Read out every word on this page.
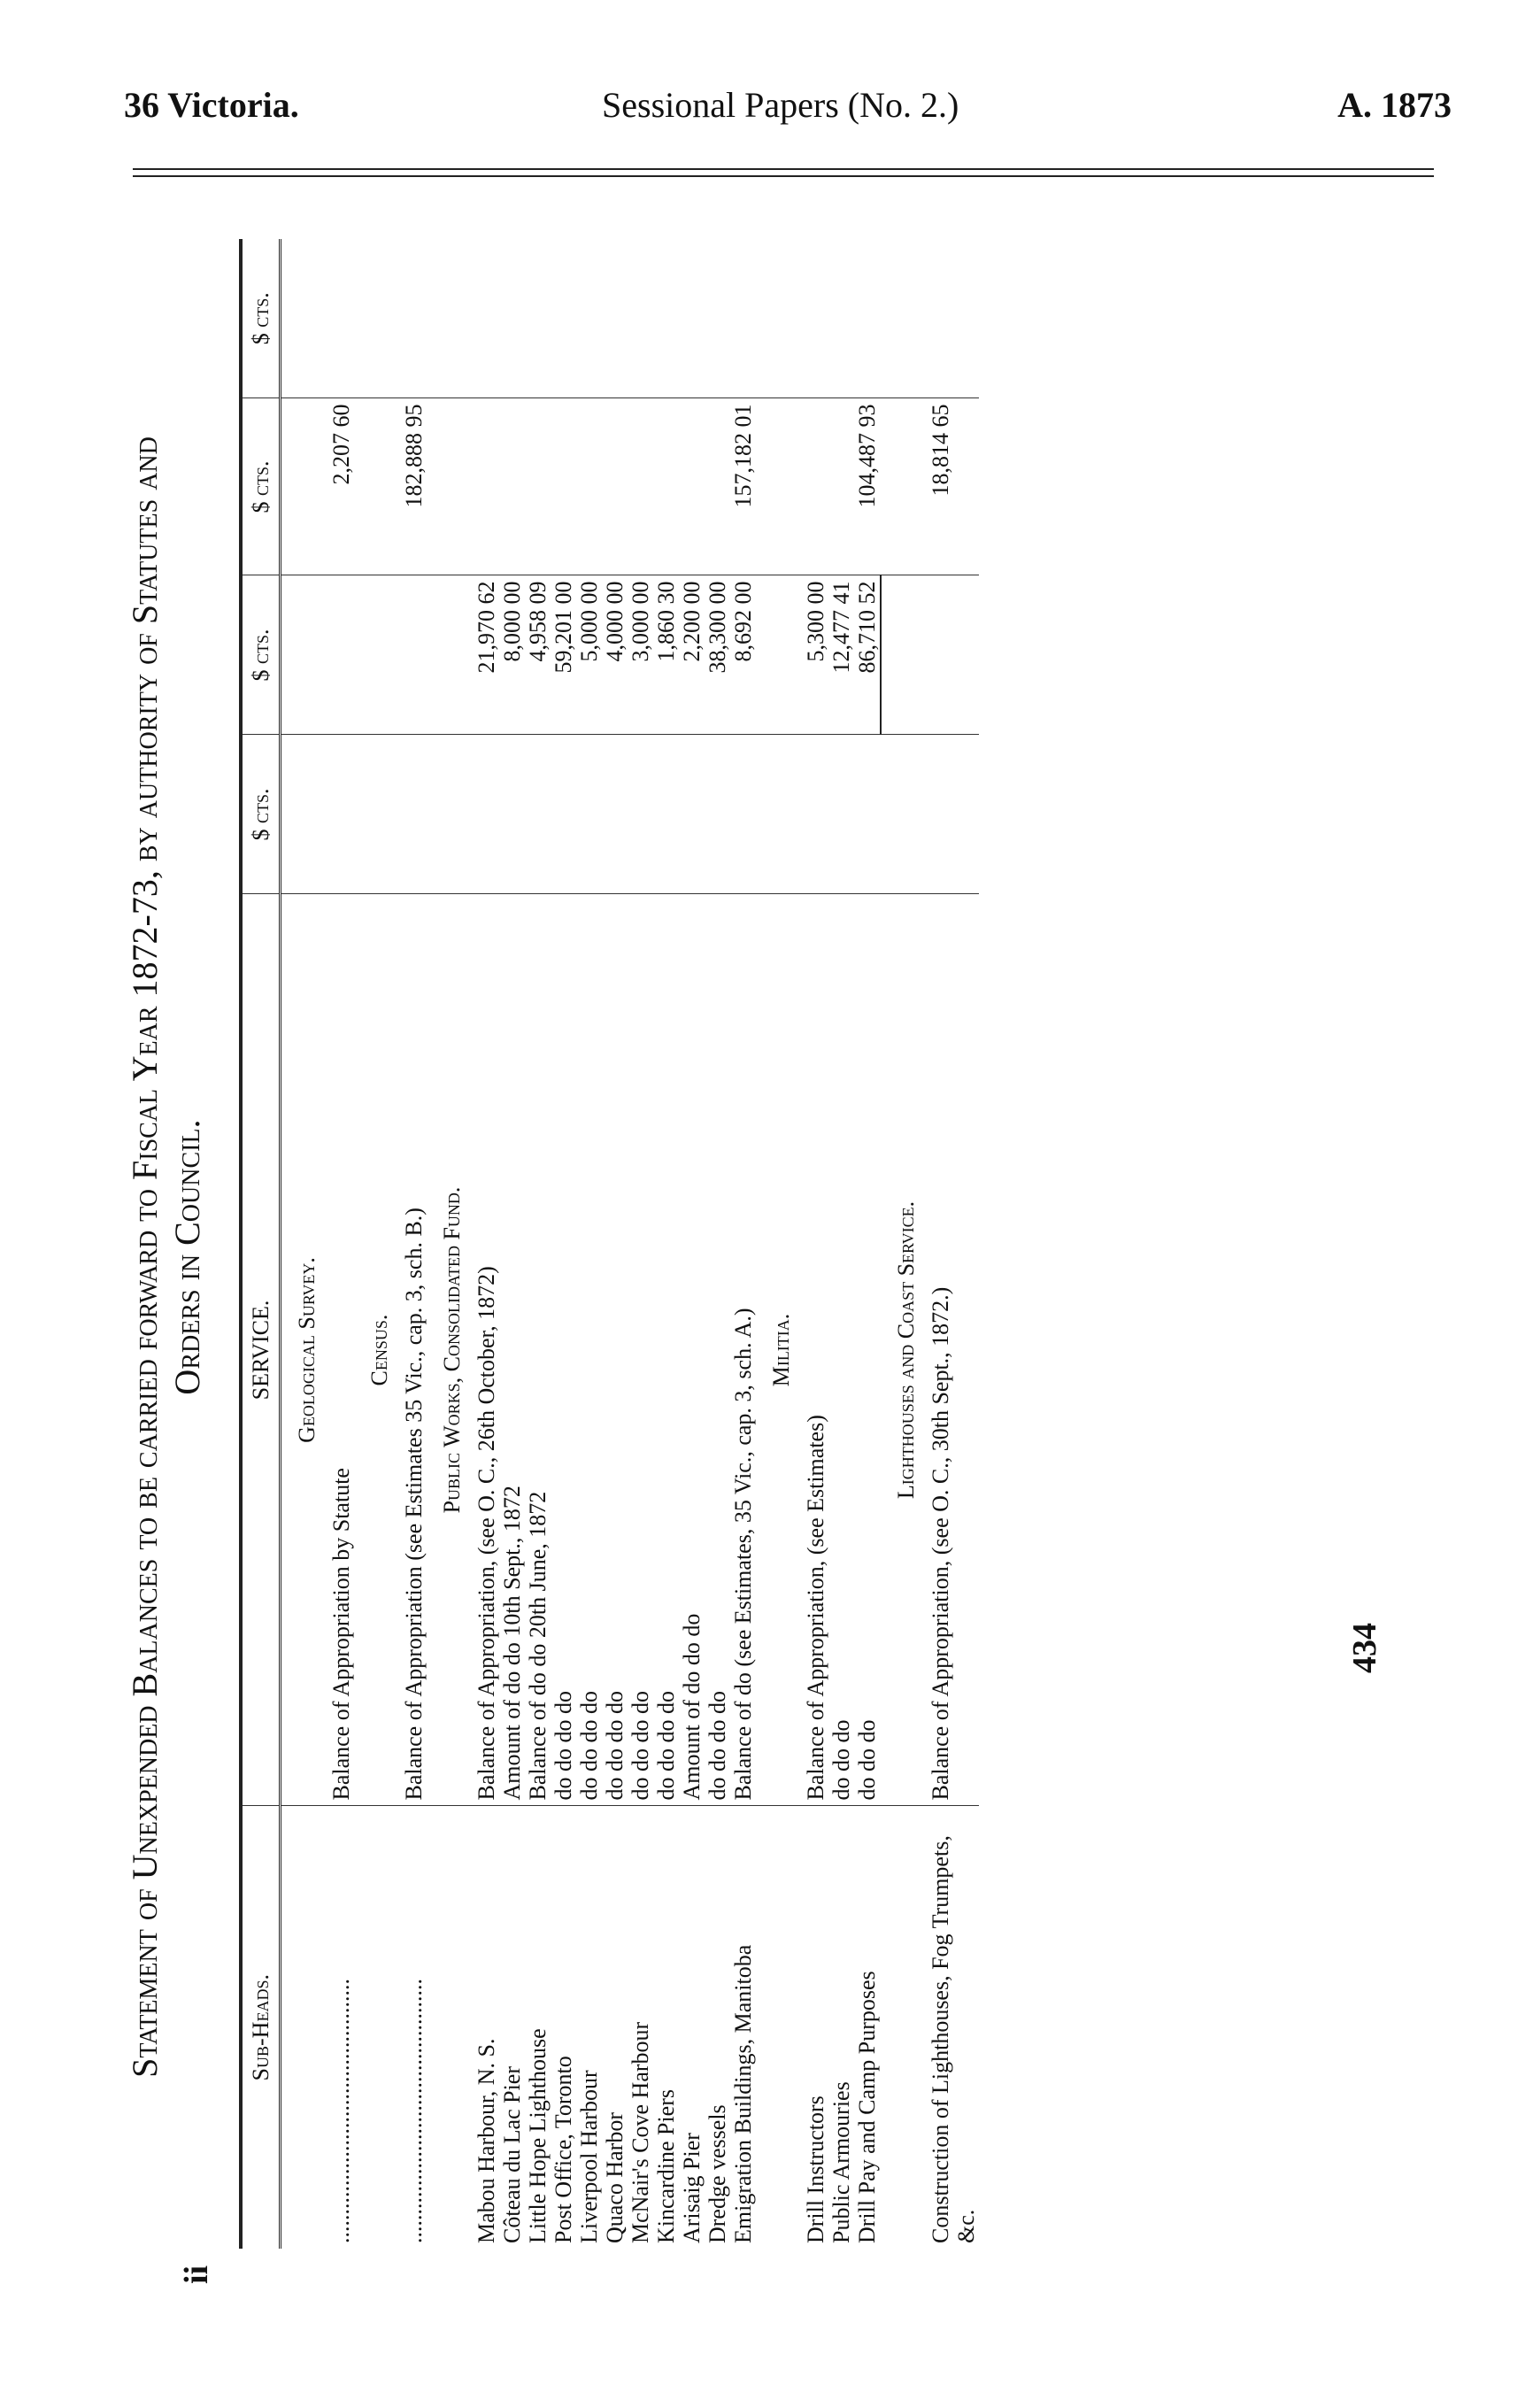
36 Victoria.	Sessional Papers (No. 2.)	A. 1873
Statement of Unexpended Balances to be carried forward to Fiscal Year 1872-73, by authority of Statutes and Orders in Council.
ii
Sub-Heads.	SERVICE.	$ cts.	$ cts.	$ cts.	$ cts.
	Geological Survey.				
..............................................	Balance of Appropriation by Statute			2,207 60	
	Census.				
..............................................	Balance of Appropriation (see Estimates 35 Vic., cap. 3, sch. B.)			182,888 95	
	Public Works, Consolidated Fund.				
Mabou Harbour, N. S.	Balance of Appropriation, (see O. C., 26th October, 1872)		21,970 62		
Côteau du Lac Pier	Amount of do do 10th Sept., 1872		8,000 00		
Little Hope Lighthouse	Balance of do do 20th June, 1872		4,958 09		
Post Office, Toronto	do do do do		59,201 00		
Liverpool Harbour	do do do do		5,000 00		
Quaco Harbor	do do do do		4,000 00		
McNair's Cove Harbour	do do do do		3,000 00		
Kincardine Piers	do do do do		1,860 30		
Arisaig Pier	Amount of do do do		2,200 00		
Dredge vessels	do do do do		38,300 00		
Emigration Buildings, Manitoba	Balance of do (see Estimates, 35 Vic., cap. 3, sch. A.)		8,692 00	157,182 01	
	Militia.				
Drill Instructors	Balance of Appropriation, (see Estimates)		5,300 00		
Public Armouries	do do do		12,477 41		
Drill Pay and Camp Purposes	do do do		86,710 52	104,487 93	
	Lighthouses and Coast Service.				
Construction of Lighthouses, Fog Trumpets, &c.	Balance of Appropriation, (see O. C., 30th Sept., 1872.)			18,814 65	
434
